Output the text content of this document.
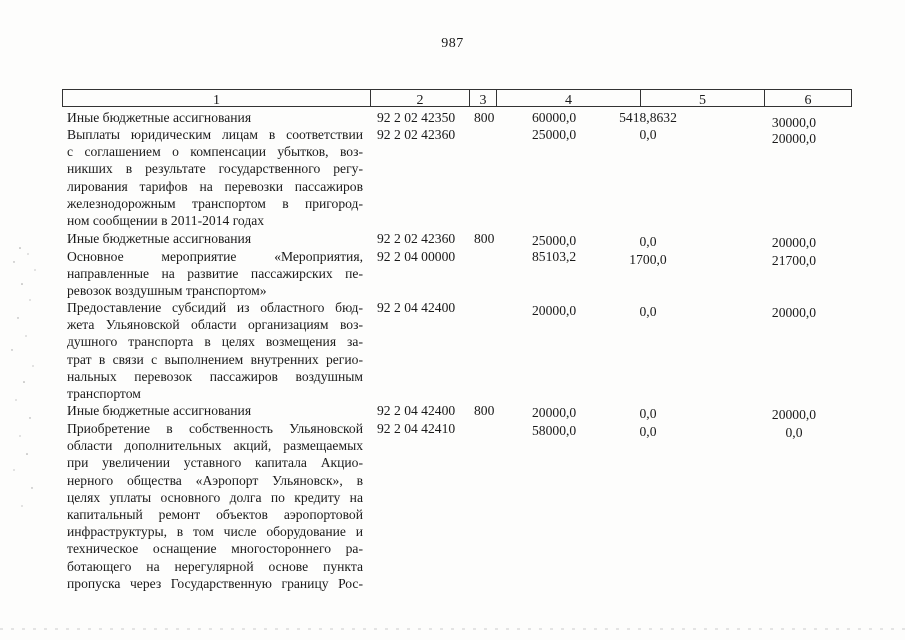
987
1	2	3	4	5	6
Иные бюджетные ассигнования	92 2 02 42350 800	60000,0	5418,8632	30000,0
Выплаты юридическим лицам в соответствии
с соглашением о компенсации убытков, воз-
никших в результате государственного регу-
лирования тарифов на перевозки пассажиров
железнодорожным транспортом в пригород-
ном сообщении в 2011-2014 годах
92 2 02 42360	25000,0	0,0	20000,0
Иные бюджетные ассигнования	92 2 02 42360 800	25000,0	0,0	20000,0
Основное мероприятие «Мероприятия,
направленные на развитие пассажирских пе-
ревозок воздушным транспортом»
92 2 04 00000	85103,2	1700,0	21700,0
Предоставление субсидий из областного бюд-
жета Ульяновской области организациям воз-
душного транспорта в целях возмещения за-
трат в связи с выполнением внутренних регио-
нальных перевозок пассажиров воздушным
транспортом
92 2 04 42400	20000,0	0,0	20000,0
Иные бюджетные ассигнования	92 2 04 42400 800	20000,0	0,0	20000,0
Приобретение в собственность Ульяновской
области дополнительных акций, размещаемых
при увеличении уставного капитала Акцио-
нерного общества «Аэропорт Ульяновск», в
целях уплаты основного долга по кредиту на
капитальный ремонт объектов аэропортовой
инфраструктуры, в том числе оборудование и
техническое оснащение многостороннего ра-
ботающего на нерегулярной основе пункта
пропуска через Государственную границу Рос-
92 2 04 42410	58000,0	0,0	0,0
